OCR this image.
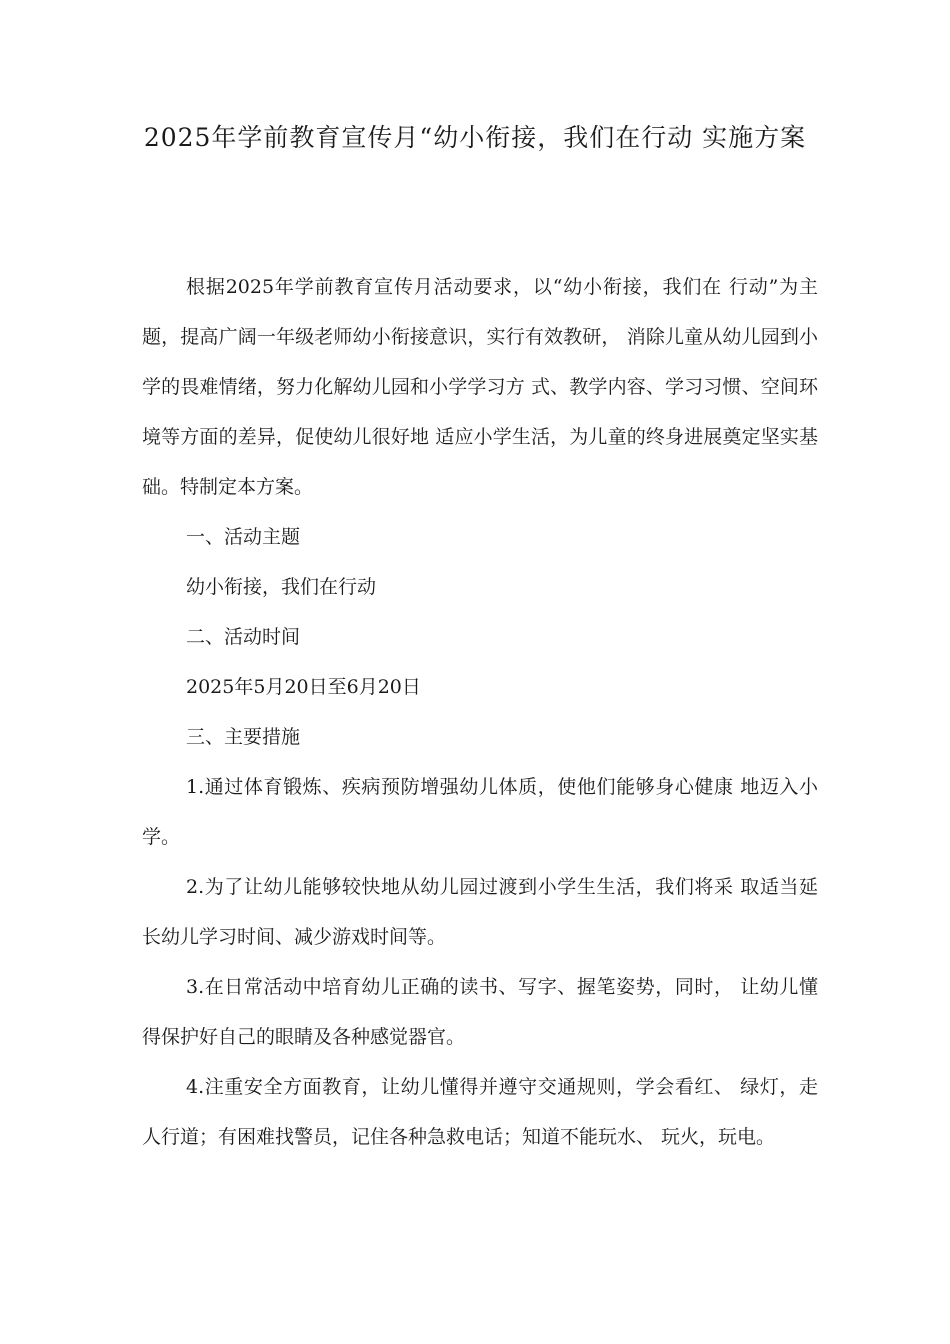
2025年学前教育宣传月“幼小衔接，我们在行动 实施方案

根据2025年学前教育宣传月活动要求，以“幼小衔接，我们在 行动”为主题，提高广阔一年级老师幼小衔接意识，实行有效教研， 消除儿童从幼儿园到小学的畏难情绪，努力化解幼儿园和小学学习方 式、教学内容、学习习惯、空间环境等方面的差异，促使幼儿很好地 适应小学生活，为儿童的终身进展奠定坚实基础。特制定本方案。

一、活动主题

幼小衔接，我们在行动

二、活动时间

2025年5月20日至6月20日

三、主要措施

1.通过体育锻炼、疾病预防增强幼儿体质，使他们能够身心健康 地迈入小学。

2.为了让幼儿能够较快地从幼儿园过渡到小学生生活，我们将采 取适当延长幼儿学习时间、减少游戏时间等。

3.在日常活动中培育幼儿正确的读书、写字、握笔姿势，同时， 让幼儿懂得保护好自己的眼睛及各种感觉器官。

4.注重安全方面教育，让幼儿懂得并遵守交通规则，学会看红、 绿灯，走人行道；有困难找警员，记住各种急救电话；知道不能玩水、 玩火，玩电。
